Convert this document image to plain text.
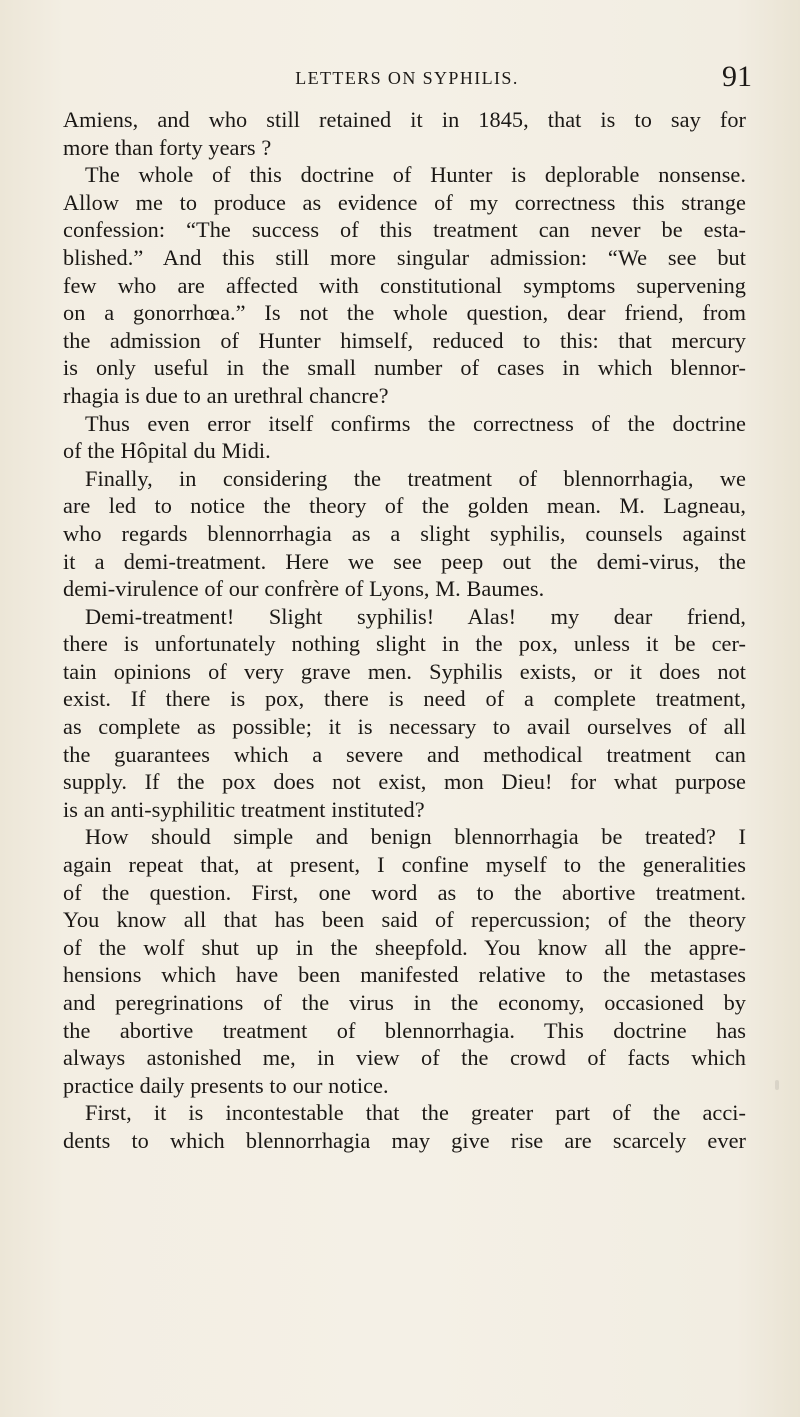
LETTERS ON SYPHILIS.	91
Amiens, and who still retained it in 1845, that is to say for
more than forty years ?
The whole of this doctrine of Hunter is deplorable nonsense.
Allow me to produce as evidence of my correctness this strange
confession: “The success of this treatment can never be esta-
blished.” And this still more singular admission: “We see but
few who are affected with constitutional symptoms supervening
on a gonorrhœa.” Is not the whole question, dear friend, from
the admission of Hunter himself, reduced to this: that mercury
is only useful in the small number of cases in which blennor-
rhagia is due to an urethral chancre?
Thus even error itself confirms the correctness of the doctrine
of the Hôpital du Midi.
Finally, in considering the treatment of blennorrhagia, we
are led to notice the theory of the golden mean. M. Lagneau,
who regards blennorrhagia as a slight syphilis, counsels against
it a demi-treatment. Here we see peep out the demi-virus, the
demi-virulence of our confrère of Lyons, M. Baumes.
Demi-treatment! Slight syphilis! Alas! my dear friend,
there is unfortunately nothing slight in the pox, unless it be cer-
tain opinions of very grave men. Syphilis exists, or it does not
exist. If there is pox, there is need of a complete treatment,
as complete as possible; it is necessary to avail ourselves of all
the guarantees which a severe and methodical treatment can
supply. If the pox does not exist, mon Dieu! for what purpose
is an anti-syphilitic treatment instituted?
How should simple and benign blennorrhagia be treated? I
again repeat that, at present, I confine myself to the generalities
of the question. First, one word as to the abortive treatment.
You know all that has been said of repercussion; of the theory
of the wolf shut up in the sheepfold. You know all the appre-
hensions which have been manifested relative to the metastases
and peregrinations of the virus in the economy, occasioned by
the abortive treatment of blennorrhagia. This doctrine has
always astonished me, in view of the crowd of facts which
practice daily presents to our notice.
First, it is incontestable that the greater part of the acci-
dents to which blennorrhagia may give rise are scarcely ever
